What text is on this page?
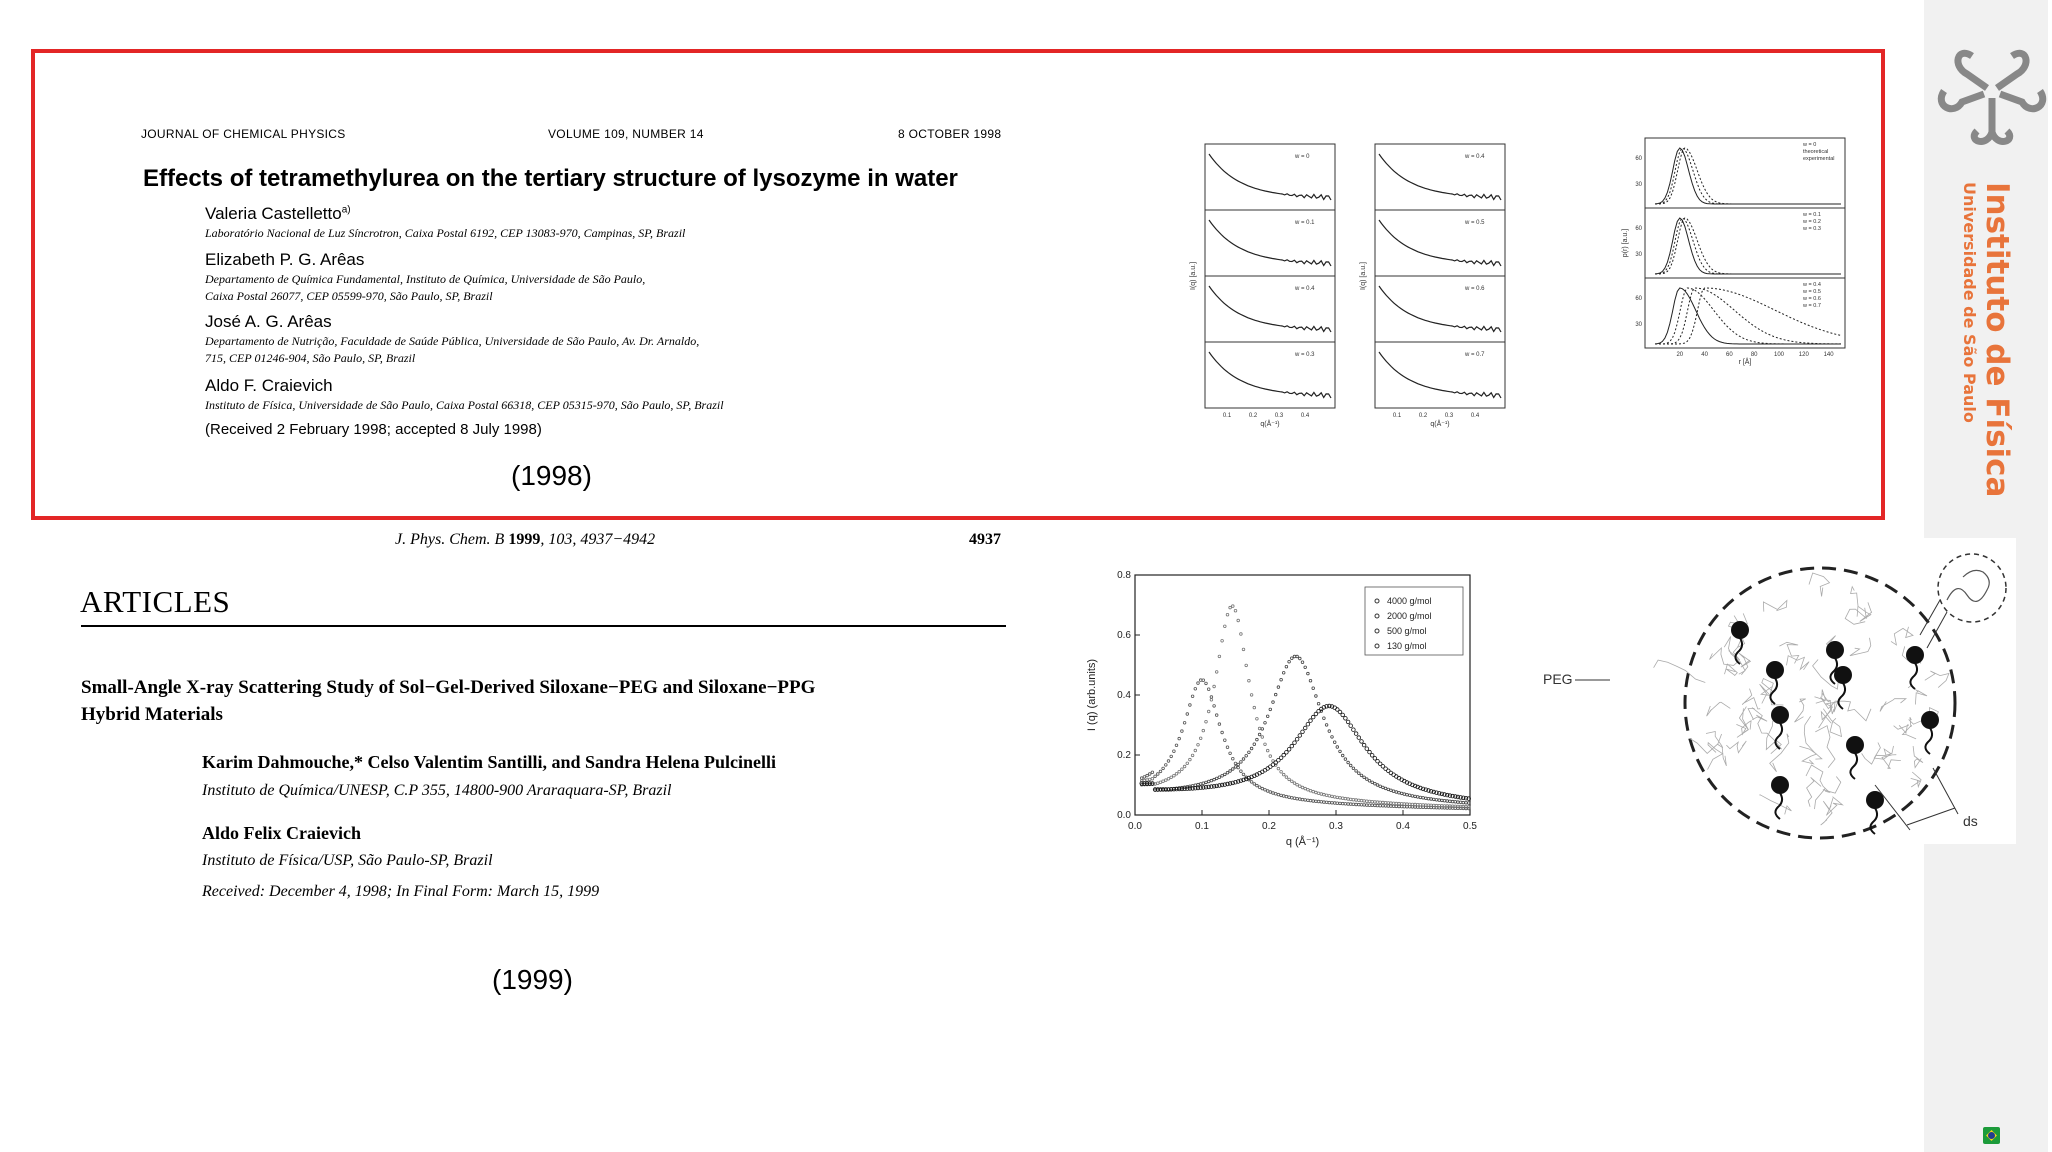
Instituto de Física
Universidade de São Paulo
JOURNAL OF CHEMICAL PHYSICS	VOLUME 109, NUMBER 14	8 OCTOBER 1998
Effects of tetramethylurea on the tertiary structure of lysozyme in water
Valeria Castelletto$^{a)}$
Laboratório Nacional de Luz Síncrotron, Caixa Postal 6192, CEP 13083-970, Campinas, SP, Brazil
Elizabeth P. G. Arêas
Departamento de Química Fundamental, Instituto de Química, Universidade de São Paulo,
Caixa Postal 26077, CEP 05599-970, São Paulo, SP, Brazil
José A. G. Arêas
Departamento de Nutrição, Faculdade de Saúde Pública, Universidade de São Paulo, Av. Dr. Arnaldo,
715, CEP 01246-904, São Paulo, SP, Brazil
Aldo F. Craievich
Instituto de Física, Universidade de São Paulo, Caixa Postal 66318, CEP 05315-970, São Paulo, SP, Brazil
(Received 2 February 1998; accepted 8 July 1998)
(1998)
w = 0
w = 0.1
w = 0.4
w = 0.3
0.1	0.2	0.3	0.4
q(Å⁻¹)
I(q) [a.u.]
w = 0.4
w = 0.5
w = 0.6
w = 0.7
0.1	0.2	0.3	0.4
q(Å⁻¹)
I(q) [a.u.]
60
30
w = 0
theoretical
experimental
60
30
w = 0.1
w = 0.2
w = 0.3
60
30
w = 0.4
w = 0.5
w = 0.6
w = 0.7
20	40	60	80	100 120 140
r [Å]
p(r) [a.u.]
J. Phys. Chem. B 1999, 103, 4937−4942	4937
ARTICLES
Small-Angle X-ray Scattering Study of Sol−Gel-Derived Siloxane−PEG and Siloxane−PPG
Hybrid Materials
Karim Dahmouche,* Celso Valentim Santilli, and Sandra Helena Pulcinelli
Instituto de Química/UNESP, C.P 355, 14800-900 Araraquara-SP, Brazil
Aldo Felix Craievich
Instituto de Física/USP, São Paulo-SP, Brazil
Received: December 4, 1998; In Final Form: March 15, 1999
(1999)
0.0	0.1	0.2	0.3	0.4	0.5
0.0
0.2
0.4
0.6
0.8
q (Å⁻¹)
I (q) (arb.units)
4000 g/mol
2000 g/mol
500 g/mol
130 g/mol
PEG
ds
